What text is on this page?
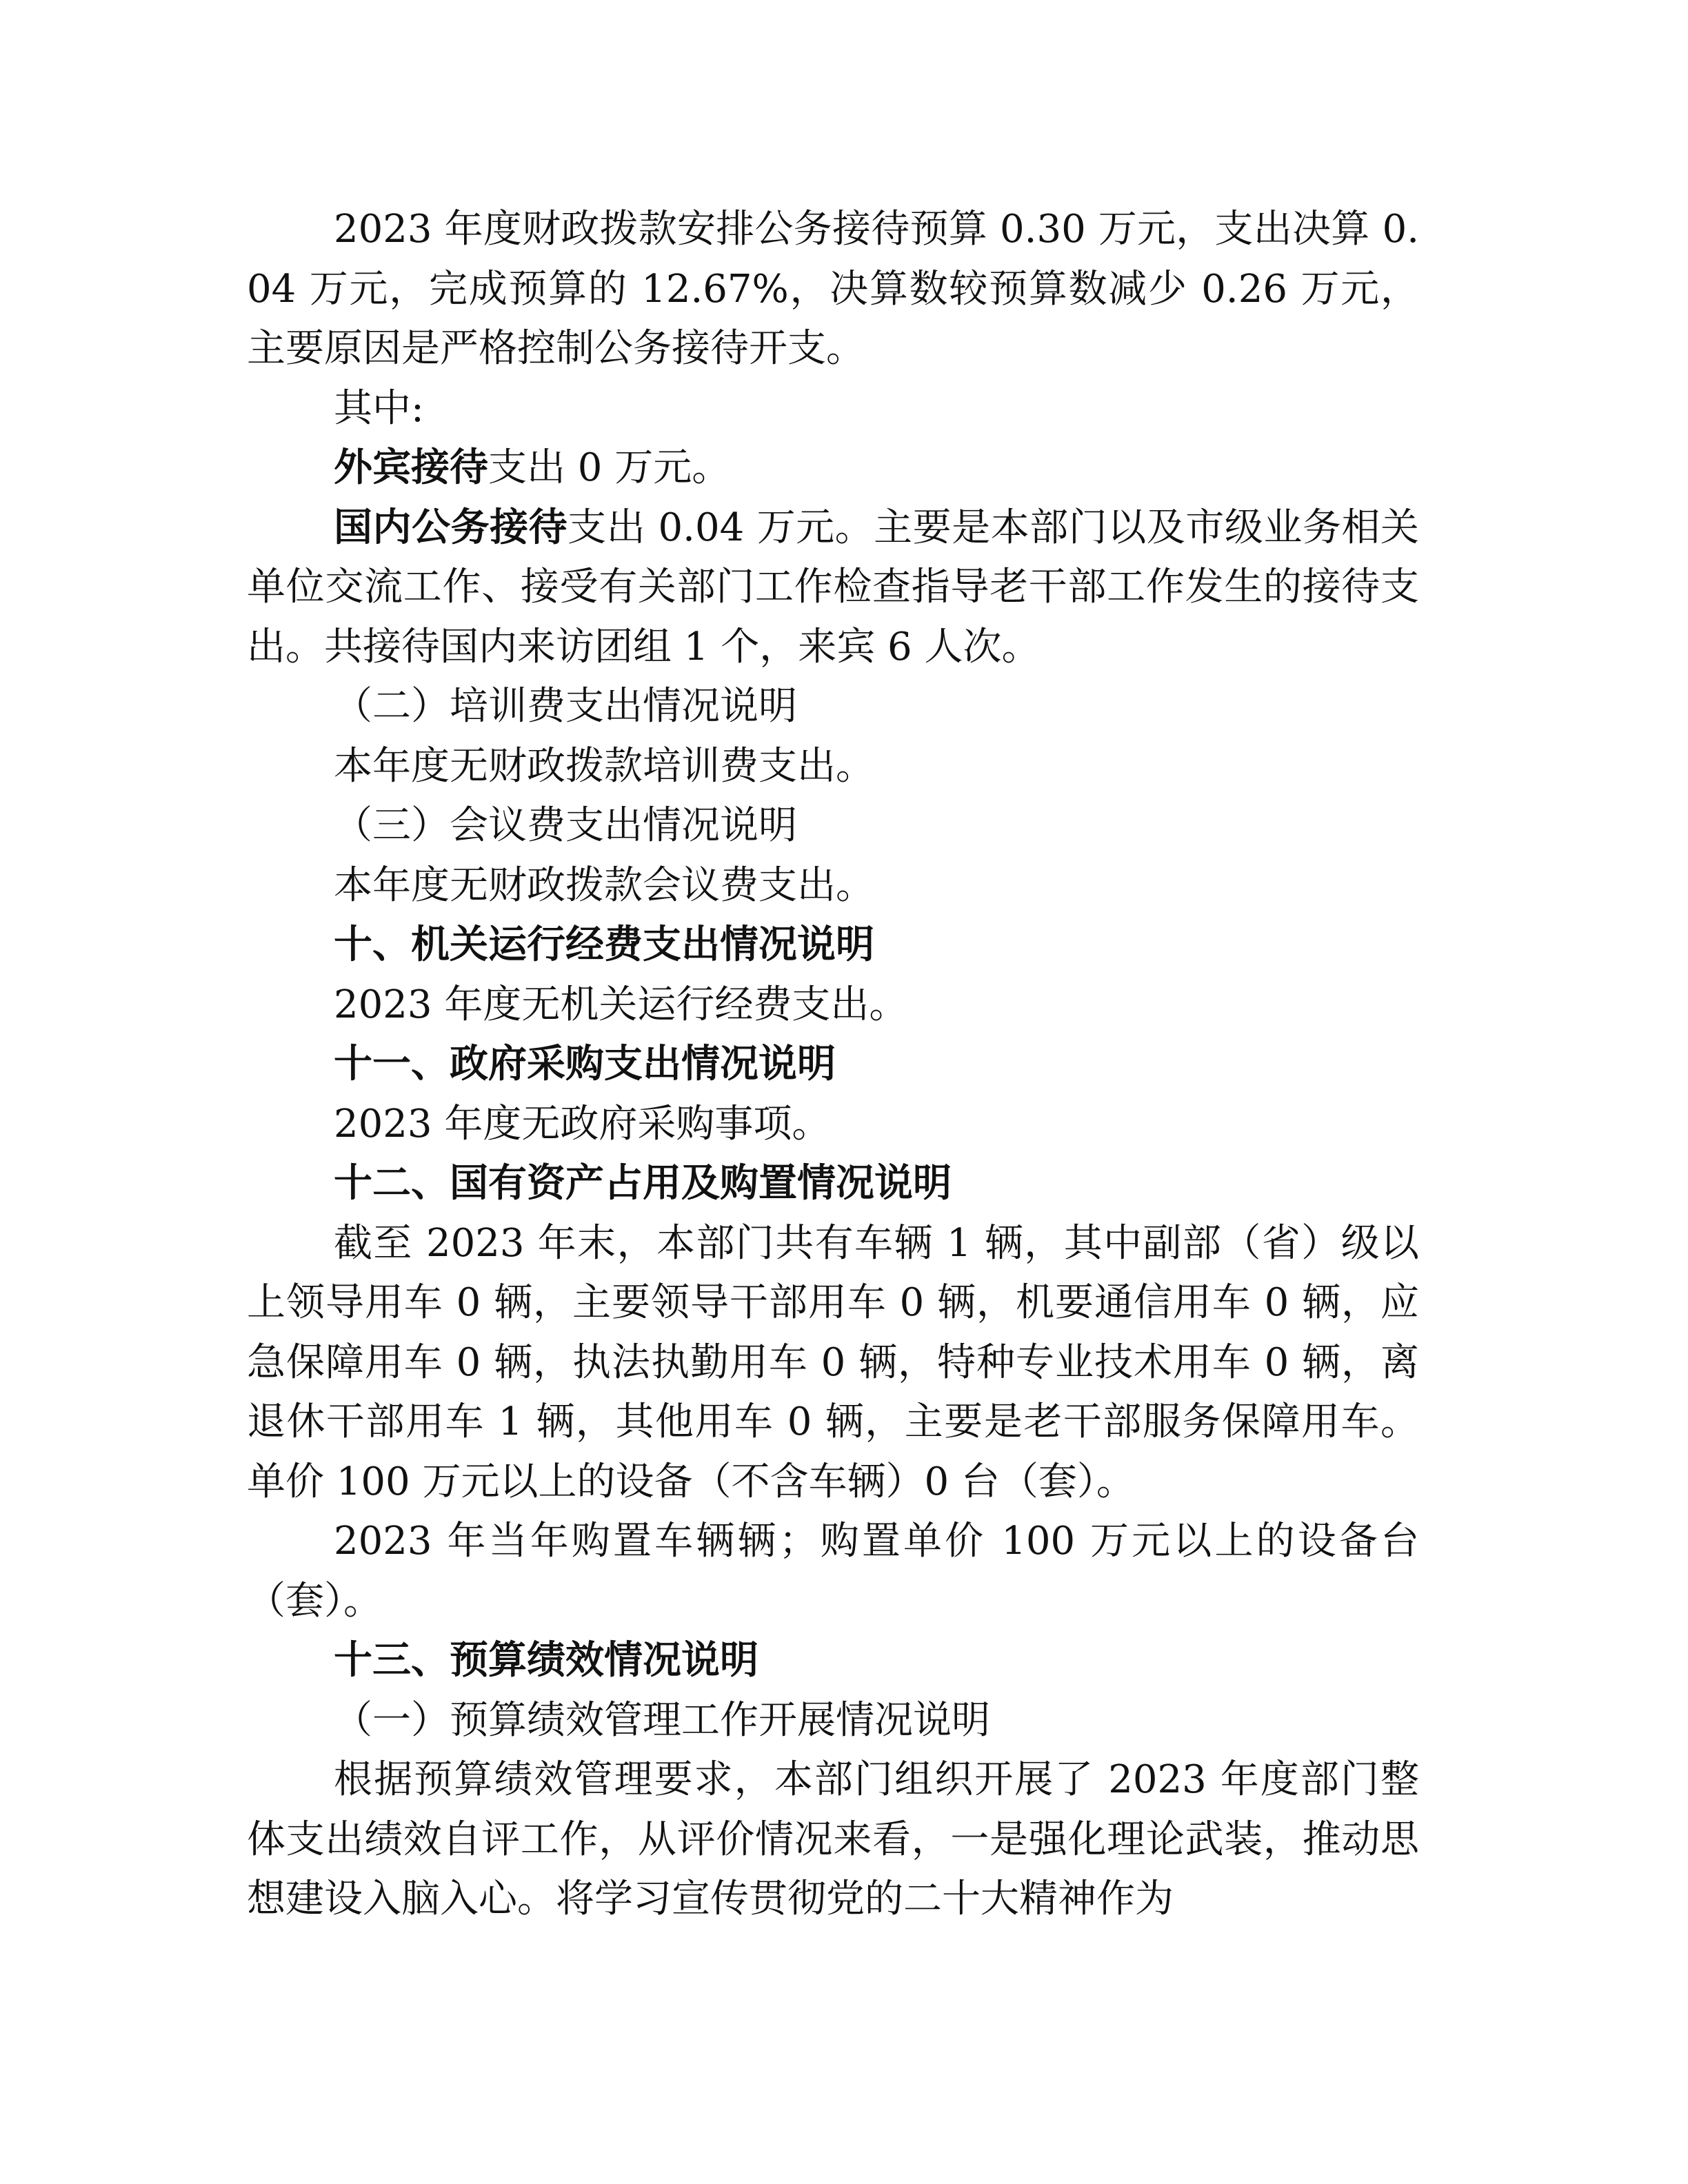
2023 年度财政拨款安排公务接待预算 0.30 万元，支出决算 0.04 万元，完成预算的 12.67%，决算数较预算数减少 0.26 万元，主要原因是严格控制公务接待开支。

其中:

外宾接待支出 0 万元。

国内公务接待支出 0.04 万元。主要是本部门以及市级业务相关单位交流工作、接受有关部门工作检查指导老干部工作发生的接待支出。共接待国内来访团组 1 个，来宾 6 人次。

（二）培训费支出情况说明

本年度无财政拨款培训费支出。

（三）会议费支出情况说明

本年度无财政拨款会议费支出。

十、机关运行经费支出情况说明

2023 年度无机关运行经费支出。

十一、政府采购支出情况说明

2023 年度无政府采购事项。

十二、国有资产占用及购置情况说明

截至 2023 年末，本部门共有车辆 1 辆，其中副部（省）级以上领导用车 0 辆，主要领导干部用车 0 辆，机要通信用车 0 辆，应急保障用车 0 辆，执法执勤用车 0 辆，特种专业技术用车 0 辆，离退休干部用车 1 辆，其他用车 0 辆，主要是老干部服务保障用车。单价 100 万元以上的设备（不含车辆）0 台（套）。

2023 年当年购置车辆辆；购置单价 100 万元以上的设备台（套）。

十三、预算绩效情况说明

（一）预算绩效管理工作开展情况说明

根据预算绩效管理要求，本部门组织开展了 2023 年度部门整体支出绩效自评工作，从评价情况来看，一是强化理论武装，推动思想建设入脑入心。将学习宣传贯彻党的二十大精神作为
